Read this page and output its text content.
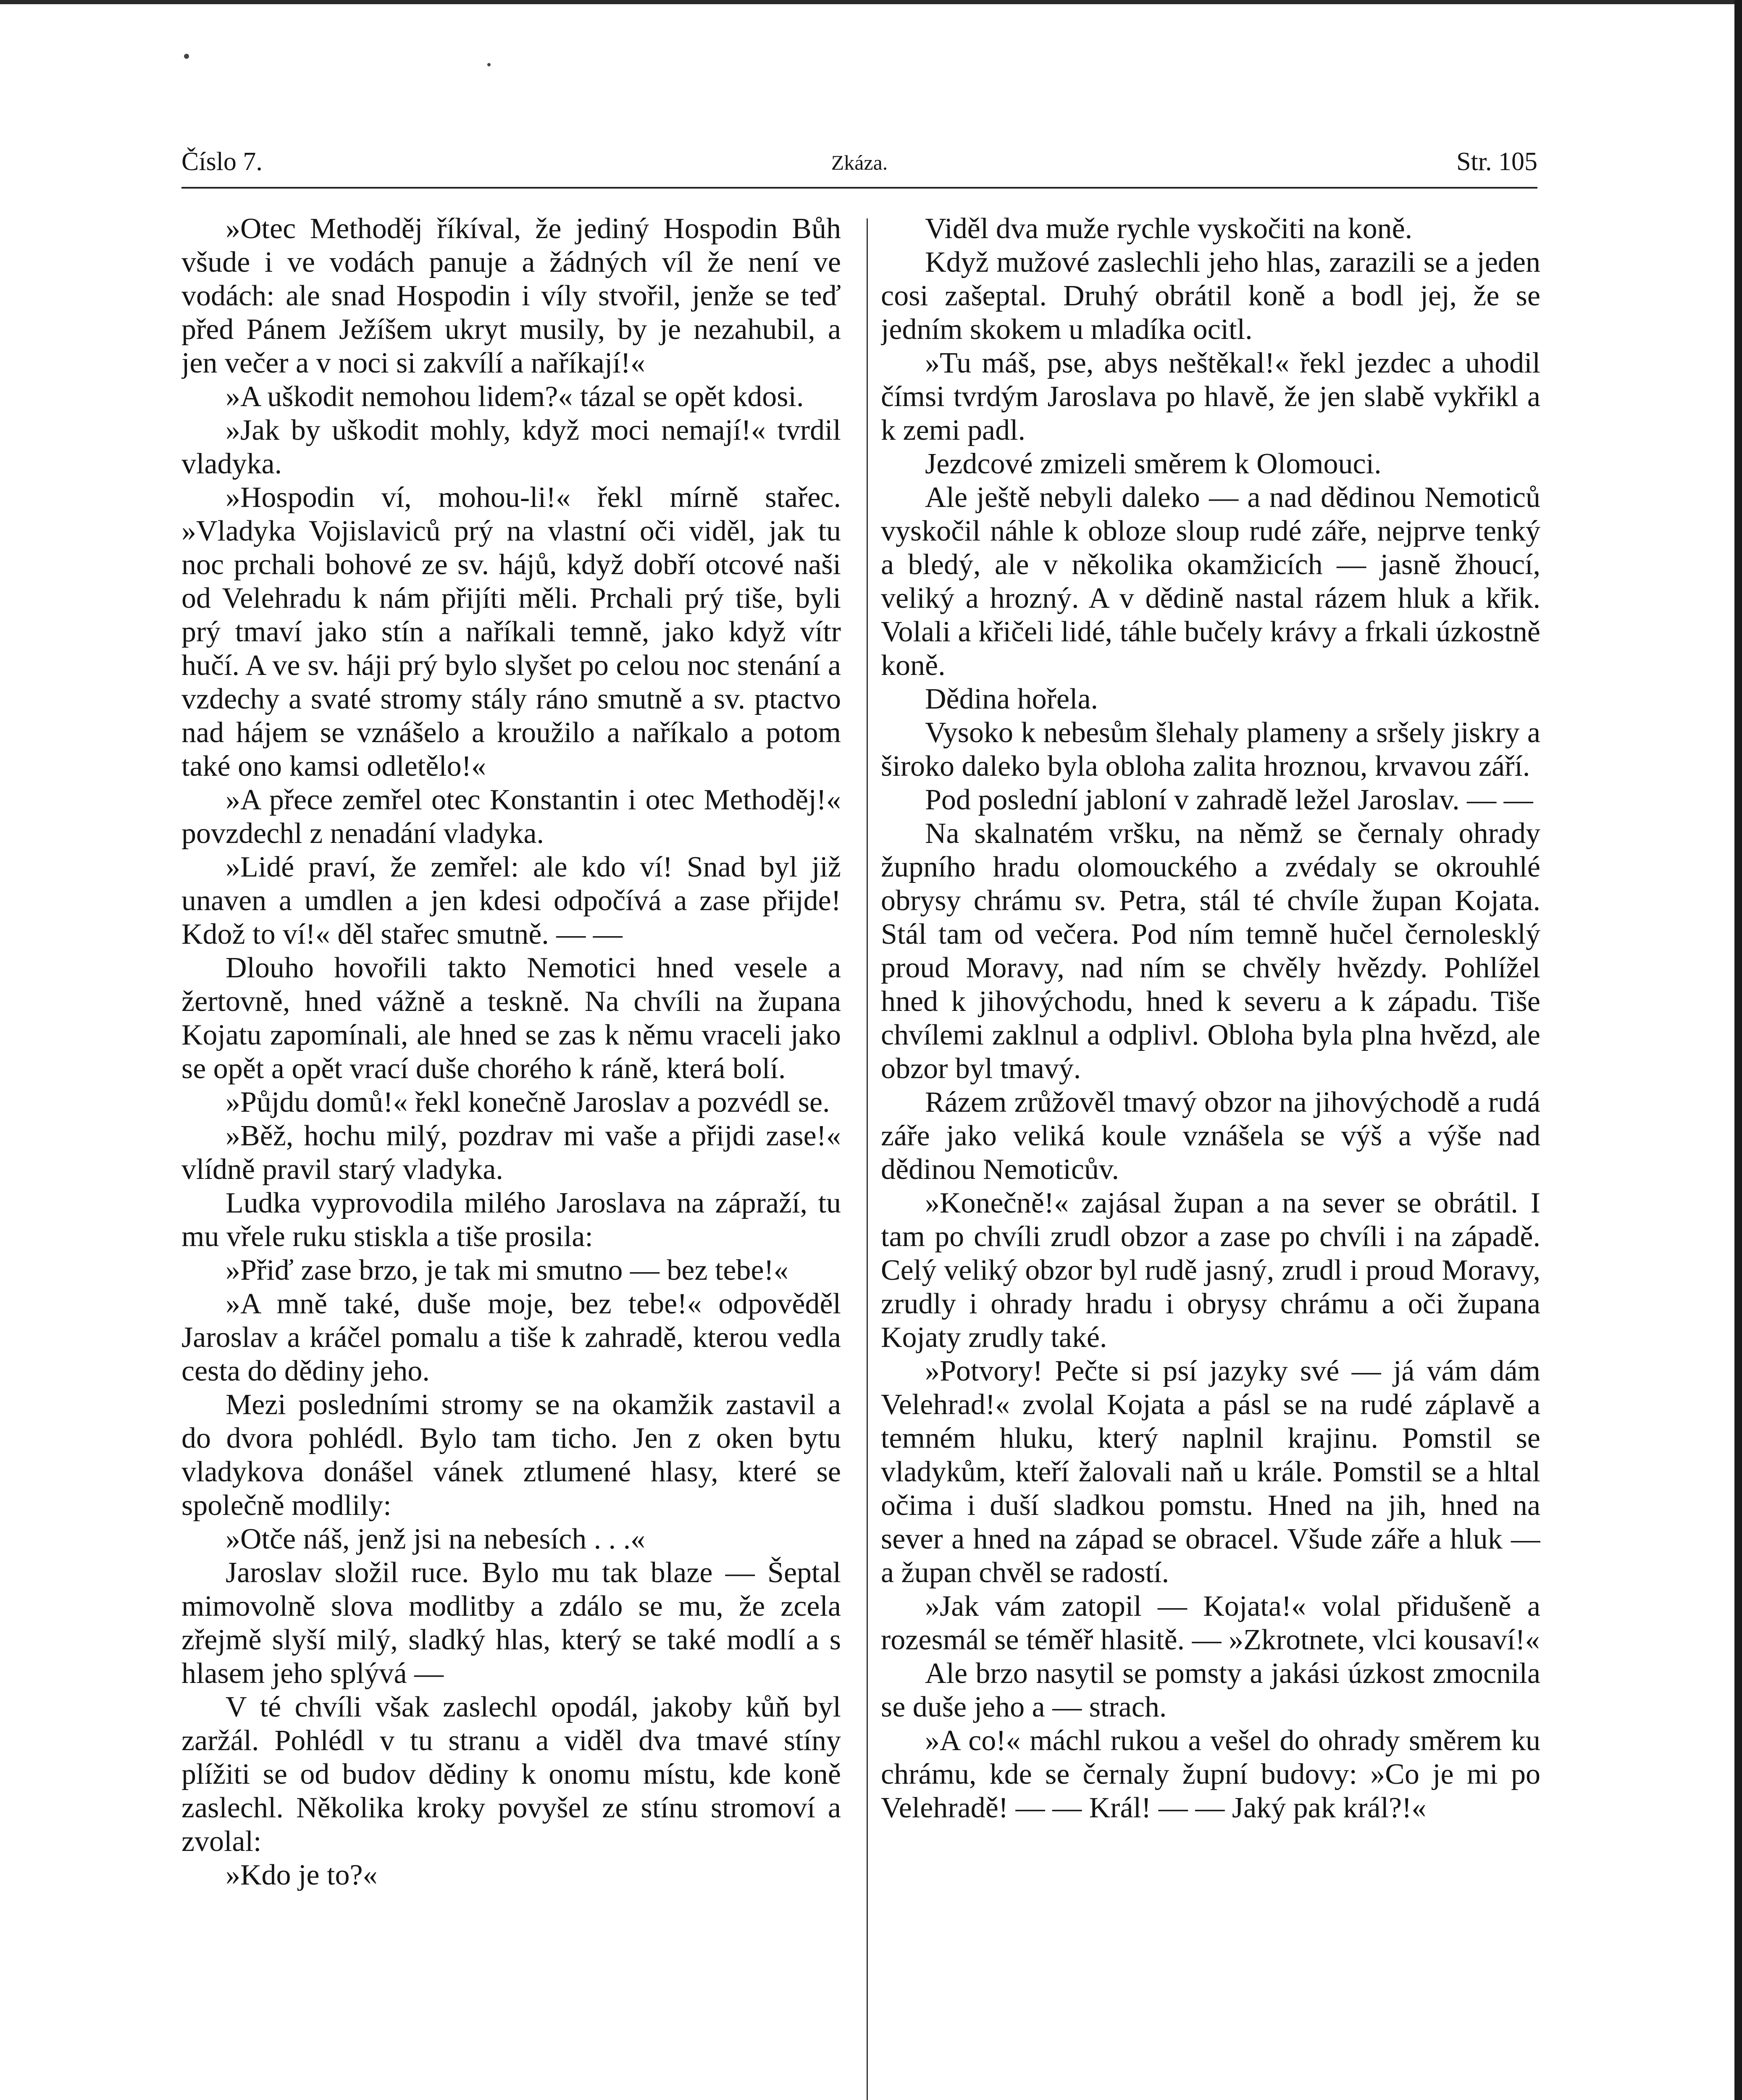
Číslo 7.	Zkáza.	Str. 105

»Otec Methoděj říkíval, že jediný Hospodin Bůh všude i ve vodách panuje a žádných víl že není ve vodách: ale snad Hospodin i víly stvořil, jenže se teď před Pánem Ježíšem ukryt musily, by je nezahubil, a jen večer a v noci si zakvílí a naříkají!«

»A uškodit nemohou lidem?« tázal se opět kdosi.

»Jak by uškodit mohly, když moci nemají!« tvrdil vladyka.

»Hospodin ví, mohou-li!« řekl mírně stařec. »Vladyka Vojislaviců prý na vlastní oči viděl, jak tu noc prchali bohové ze sv. hájů, když dobří otcové naši od Velehradu k nám přijíti měli. Prchali prý tiše, byli prý tmaví jako stín a naříkali temně, jako když vítr hučí. A ve sv. háji prý bylo slyšet po celou noc stenání a vzdechy a svaté stromy stály ráno smutně a sv. ptactvo nad hájem se vznášelo a kroužilo a naříkalo a potom také ono kamsi odletělo!«

»A přece zemřel otec Konstantin i otec Methoděj!« povzdechl z nenadání vladyka.

»Lidé praví, že zemřel: ale kdo ví! Snad byl již unaven a umdlen a jen kdesi odpočívá a zase přijde! Kdož to ví!« děl stařec smutně. — —

Dlouho hovořili takto Nemotici hned vesele a žertovně, hned vážně a teskně. Na chvíli na župana Kojatu zapomínali, ale hned se zas k němu vraceli jako se opět a opět vrací duše chorého k ráně, která bolí.

»Půjdu domů!« řekl konečně Jaroslav a pozvédl se.

»Běž, hochu milý, pozdrav mi vaše a přijdi zase!« vlídně pravil starý vladyka.

Ludka vyprovodila milého Jaroslava na zápraží, tu mu vřele ruku stiskla a tiše prosila:

»Přiď zase brzo, je tak mi smutno — bez tebe!«

»A mně také, duše moje, bez tebe!« odpověděl Jaroslav a kráčel pomalu a tiše k zahradě, kterou vedla cesta do dědiny jeho.

Mezi posledními stromy se na okamžik zastavil a do dvora pohlédl. Bylo tam ticho. Jen z oken bytu vladykova donášel vánek ztlumené hlasy, které se společně modlily:

»Otče náš, jenž jsi na nebesích . . .«

Jaroslav složil ruce. Bylo mu tak blaze — Šeptal mimovolně slova modlitby a zdálo se mu, že zcela zřejmě slyší milý, sladký hlas, který se také modlí a s hlasem jeho splývá —

V té chvíli však zaslechl opodál, jakoby kůň byl zaržál. Pohlédl v tu stranu a viděl dva tmavé stíny plížiti se od budov dědiny k onomu místu, kde koně zaslechl. Několika kroky povyšel ze stínu stromoví a zvolal:

»Kdo je to?«

Viděl dva muže rychle vyskočiti na koně.

Když mužové zaslechli jeho hlas, zarazili se a jeden cosi zašeptal. Druhý obrátil koně a bodl jej, že se jedním skokem u mladíka ocitl.

»Tu máš, pse, abys neštěkal!« řekl jezdec a uhodil čímsi tvrdým Jaroslava po hlavě, že jen slabě vykřikl a k zemi padl.

Jezdcové zmizeli směrem k Olomouci.

Ale ještě nebyli daleko — a nad dědinou Nemoticů vyskočil náhle k obloze sloup rudé záře, nejprve tenký a bledý, ale v několika okamžicích — jasně žhoucí, veliký a hrozný. A v dědině nastal rázem hluk a křik. Volali a křičeli lidé, táhle bučely krávy a frkali úzkostně koně.

Dědina hořela.

Vysoko k nebesům šlehaly plameny a sršely jiskry a široko daleko byla obloha zalita hroznou, krvavou září.

Pod poslední jabloní v zahradě ležel Jaroslav. — —

Na skalnatém vršku, na němž se černaly ohrady župního hradu olomouckého a zvédaly se okrouhlé obrysy chrámu sv. Petra, stál té chvíle župan Kojata. Stál tam od večera. Pod ním temně hučel černolesklý proud Moravy, nad ním se chvěly hvězdy. Pohlížel hned k jihovýchodu, hned k severu a k západu. Tiše chvílemi zaklnul a odplivl. Obloha byla plna hvězd, ale obzor byl tmavý.

Rázem zrůžověl tmavý obzor na jihovýchodě a rudá záře jako veliká koule vznášela se výš a výše nad dědinou Nemoticův.

»Konečně!« zajásal župan a na sever se obrátil. I tam po chvíli zrudl obzor a zase po chvíli i na západě. Celý veliký obzor byl rudě jasný, zrudl i proud Moravy, zrudly i ohrady hradu i obrysy chrámu a oči župana Kojaty zrudly také.

»Potvory! Pečte si psí jazyky své — já vám dám Velehrad!« zvolal Kojata a pásl se na rudé záplavě a temném hluku, který naplnil krajinu. Pomstil se vladykům, kteří žalovali naň u krále. Pomstil se a hltal očima i duší sladkou pomstu. Hned na jih, hned na sever a hned na západ se obracel. Všude záře a hluk — a župan chvěl se radostí.

»Jak vám zatopil — Kojata!« volal přidušeně a rozesmál se téměř hlasitě. — »Zkrotnete, vlci kousaví!«

Ale brzo nasytil se pomsty a jakási úzkost zmocnila se duše jeho a — strach.

»A co!« máchl rukou a vešel do ohrady směrem ku chrámu, kde se černaly župní budovy: »Co je mi po Velehradě! — — Král! — — Jaký pak král?!«
